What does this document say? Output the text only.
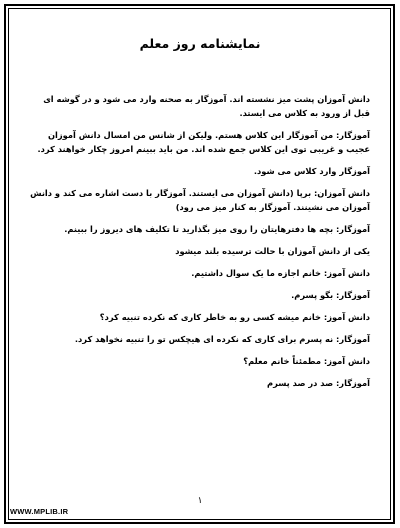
نمایشنامه روز معلم

دانش آموزان پشت میز نشسته اند. آموزگار به صحنه وارد می شود و در گوشه ای قبل از ورود به کلاس می ایستد.

آموزگار: من آموزگار این کلاس هستم. ولیکن از شانس من امسال دانش آموزان عجیب و غریبی توی این کلاس جمع شده اند. من باید ببینم امروز چکار خواهند کرد.

آموزگار وارد کلاس می شود.

دانش آموزان: برپا (دانش آموزان می ایستند. آموزگار با دست اشاره می کند و دانش آموزان می نشینند. آموزگار به کنار میز می رود)

آموزگار: بچه ها دفترهایتان را روی میز بگذارید تا تکلیف های دیروز را ببینم.

یکی از دانش آموزان با حالت ترسیده بلند میشود

دانش آموز: خانم اجازه ما یک سوال داشتیم.

آموزگار: بگو پسرم.

دانش آموز: خانم میشه کسی رو به خاطر کاری که نکرده تنبیه کرد؟

آموزگار: نه پسرم برای کاری که نکرده ای هیچکس تو را تنبیه نخواهد کرد.

دانش آموز: مطمئناً خانم معلم؟

آموزگار: صد در صد پسرم

۱
WWW.MPLIB.IR
